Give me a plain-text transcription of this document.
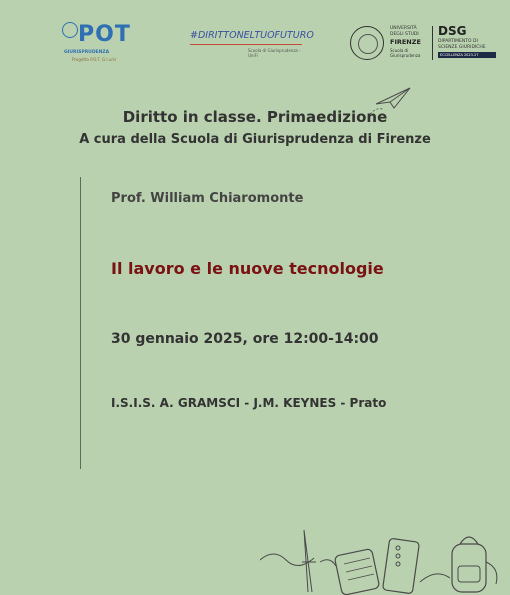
POT
GIURISPRUDENZA
Progetto P.O.T. G.I.uris
#DIRITTONELTUOFUTURO
Scuola di Giurisprudenza - UniFi
UNIVERSITÀ
DEGLI STUDI
FIRENZE
Scuola di
Giurisprudenza
DSG
DIPARTIMENTO DI
SCIENZE GIURIDICHE
ECCELLENZA 2023-27
Diritto in classe. Primaedizione
A cura della Scuola di Giurisprudenza di Firenze
Prof. William Chiaromonte
Il lavoro e le nuove tecnologie
30 gennaio 2025, ore 12:00-14:00
I.S.I.S. A. GRAMSCI - J.M. KEYNES - Prato
